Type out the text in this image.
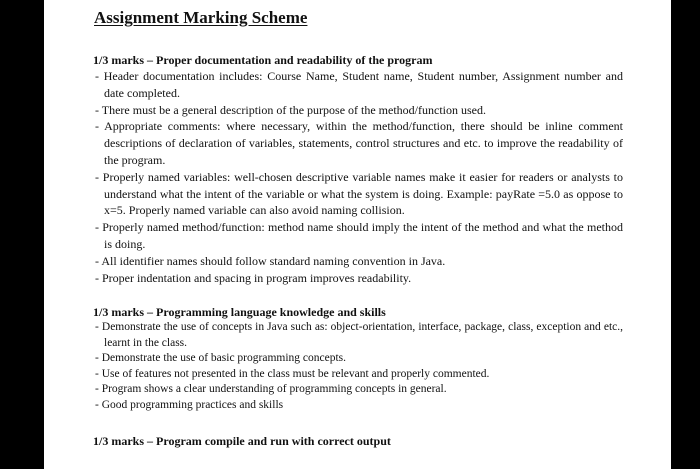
Assignment Marking Scheme

1/3 marks – Proper documentation and readability of the program

- Header documentation includes: Course Name, Student name, Student number, Assignment number and date completed.
- There must be a general description of the purpose of the method/function used.
- Appropriate comments: where necessary, within the method/function, there should be inline comment descriptions of declaration of variables, statements, control structures and etc. to improve the readability of the program.
- Properly named variables: well-chosen descriptive variable names make it easier for readers or analysts to understand what the intent of the variable or what the system is doing. Example: payRate =5.0 as oppose to x=5. Properly named variable can also avoid naming collision.
- Properly named method/function: method name should imply the intent of the method and what the method is doing.
- All identifier names should follow standard naming convention in Java.
- Proper indentation and spacing in program improves readability.

1/3 marks – Programming language knowledge and skills

- Demonstrate the use of concepts in Java such as: object-orientation, interface, package, class, exception and etc., learnt in the class.
- Demonstrate the use of basic programming concepts.
- Use of features not presented in the class must be relevant and properly commented.
- Program shows a clear understanding of programming concepts in general.
- Good programming practices and skills

1/3 marks – Program compile and run with correct output
